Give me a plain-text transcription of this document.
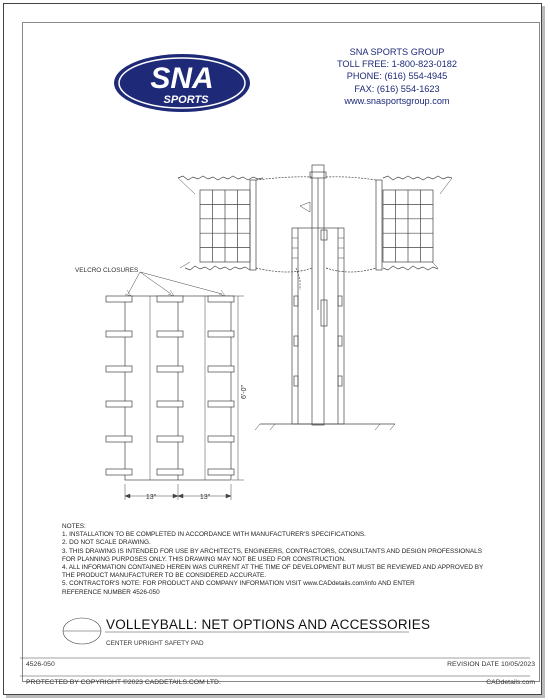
SNA
SPORTS
SNA SPORTS GROUP
TOLL FREE: 1-800-823-0182
PHONE: (616) 554-4945
FAX: (616) 554-1623
www.snasportsgroup.com
VELCRO CLOSURES
6'-0"
13"	13"
NOTES:
1. INSTALLATION TO BE COMPLETED IN ACCORDANCE WITH MANUFACTURER'S SPECIFICATIONS.
2. DO NOT SCALE DRAWING.
3. THIS DRAWING IS INTENDED FOR USE BY ARCHITECTS, ENGINEERS, CONTRACTORS, CONSULTANTS AND DESIGN PROFESSIONALS
FOR PLANNING PURPOSES ONLY. THIS DRAWING MAY NOT BE USED FOR CONSTRUCTION.
4. ALL INFORMATION CONTAINED HEREIN WAS CURRENT AT THE TIME OF DEVELOPMENT BUT MUST BE REVIEWED AND APPROVED BY
THE PRODUCT MANUFACTURER TO BE CONSIDERED ACCURATE.
5. CONTRACTOR'S NOTE: FOR PRODUCT AND COMPANY INFORMATION VISIT www.CADdetails.com/info AND ENTER
REFERENCE NUMBER 4526-050
VOLLEYBALL: NET OPTIONS AND ACCESSORIES
CENTER UPRIGHT SAFETY PAD
4526-050	REVISION DATE 10/05/2023
PROTECTED BY COPYRIGHT ©2023 CADDETAILS.COM LTD.	CADdetails.com
